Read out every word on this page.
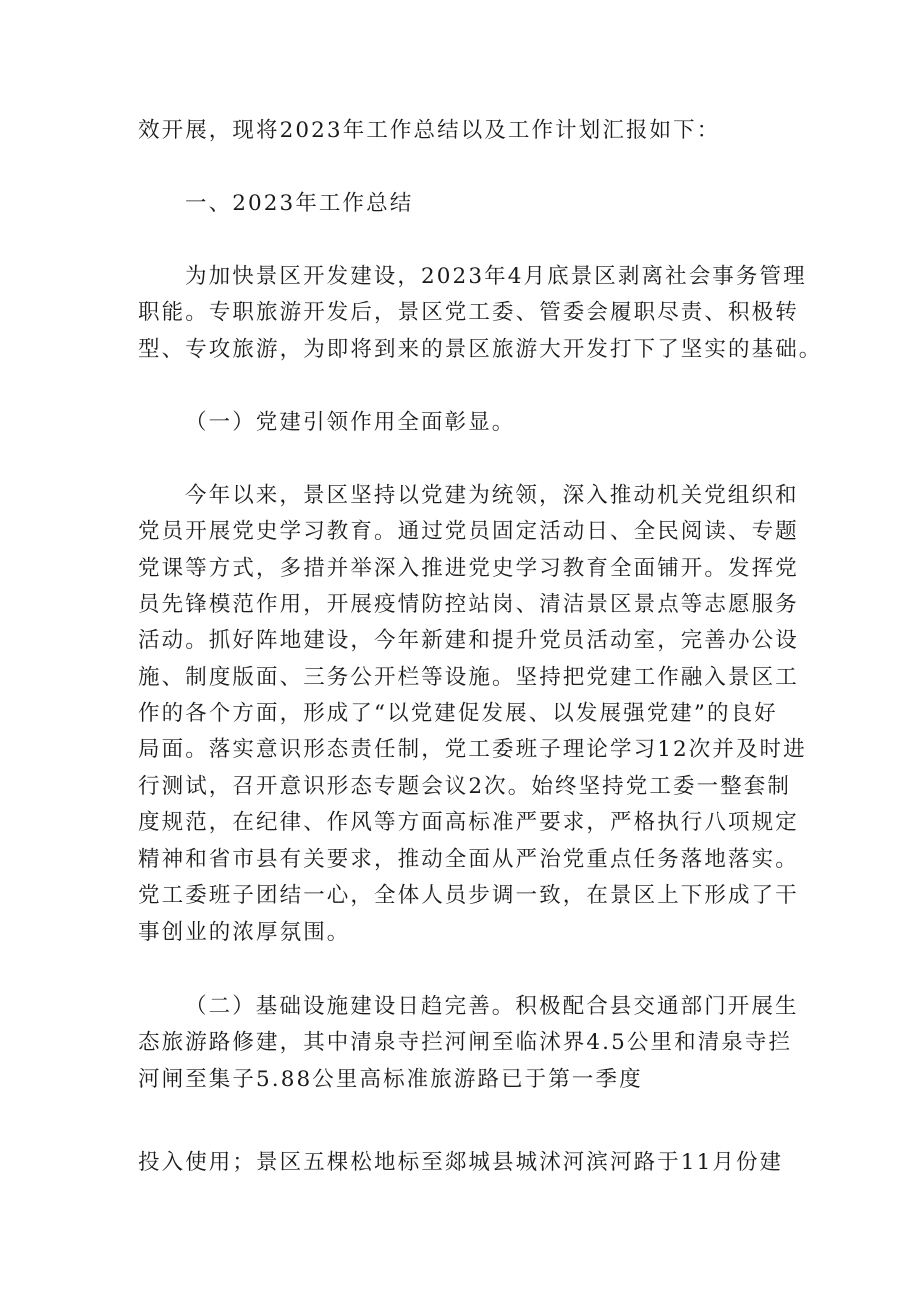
效开展，现将2023年工作总结以及工作计划汇报如下：
一、2023年工作总结
为加快景区开发建设，2023年4月底景区剥离社会事务管理
职能。专职旅游开发后，景区党工委、管委会履职尽责、积极转
型、专攻旅游，为即将到来的景区旅游大开发打下了坚实的基础。
（一）党建引领作用全面彰显。
今年以来，景区坚持以党建为统领，深入推动机关党组织和
党员开展党史学习教育。通过党员固定活动日、全民阅读、专题
党课等方式，多措并举深入推进党史学习教育全面铺开。发挥党
员先锋模范作用，开展疫情防控站岗、清洁景区景点等志愿服务
活动。抓好阵地建设，今年新建和提升党员活动室，完善办公设
施、制度版面、三务公开栏等设施。坚持把党建工作融入景区工
作的各个方面，形成了“以党建促发展、以发展强党建”的良好
局面。落实意识形态责任制，党工委班子理论学习12次并及时进
行测试，召开意识形态专题会议2次。始终坚持党工委一整套制
度规范，在纪律、作风等方面高标准严要求，严格执行八项规定
精神和省市县有关要求，推动全面从严治党重点任务落地落实。
党工委班子团结一心，全体人员步调一致，在景区上下形成了干
事创业的浓厚氛围。
（二）基础设施建设日趋完善。积极配合县交通部门开展生
态旅游路修建，其中清泉寺拦河闸至临沭界4.5公里和清泉寺拦
河闸至集子5.88公里高标准旅游路已于第一季度
投入使用；景区五棵松地标至郯城县城沭河滨河路于11月份建
